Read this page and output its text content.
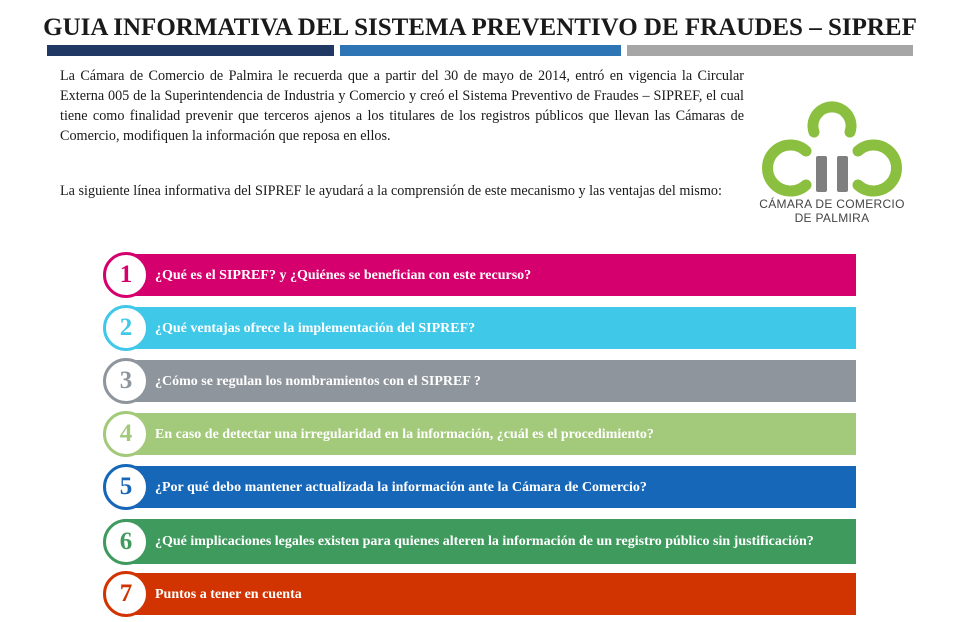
GUIA INFORMATIVA DEL SISTEMA PREVENTIVO DE FRAUDES – SIPREF

La Cámara de Comercio de Palmira le recuerda que a partir del 30 de mayo de 2014, entró en vigencia la Circular Externa 005 de la Superintendencia de Industria y Comercio y creó el Sistema Preventivo de Fraudes – SIPREF, el cual tiene como finalidad prevenir que terceros ajenos a los titulares de los registros públicos que llevan las Cámaras de Comercio, modifiquen la información que reposa en ellos.

La siguiente línea informativa del SIPREF le ayudará a la comprensión de este mecanismo y las ventajas del mismo:

CÁMARA DE COMERCIO
DE PALMIRA
¿Qué es el SIPREF? y ¿Quiénes se benefician con este recurso?
1
¿Qué ventajas ofrece la implementación del SIPREF?
2
¿Cómo se regulan los nombramientos con el SIPREF ?
3
En caso de detectar una irregularidad en la información, ¿cuál es el procedimiento?
4
¿Por qué debo mantener actualizada la información ante la Cámara de Comercio?
5
¿Qué implicaciones legales existen para quienes alteren la información de un registro público sin justificación?
6
Puntos a tener en cuenta
7
